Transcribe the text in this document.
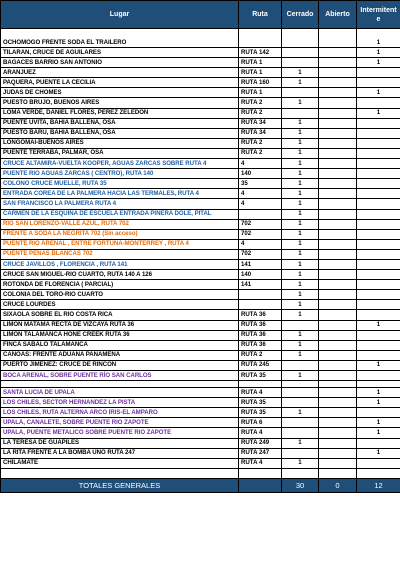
Lugar	Ruta	Cerrado	Abierto	Intermitente
OCHOMOGO FRENTE SODA EL TRAILERO				1
TILARAN, CRUCE DE AGUILARES	RUTA 142			1
BAGACES BARRIO SAN ANTONIO	RUTA 1			1
ARANJUEZ	RUTA 1	1		
PAQUERA, PUENTE LA CECILIA	RUTA 160	1		
JUDAS DE CHOMES	RUTA 1			1
PUESTO BRUJO, BUENOS AIRES	RUTA 2	1		
LOMA VERDE, DANIEL FLORES, PEREZ ZELEDON	RUTA 2			1
PUENTE UVITA, BAHIA BALLENA, OSA	RUTA 34	1		
PUESTO BARU, BAHIA BALLENA, OSA	RUTA 34	1		
LONGOMAI-BUENOS AIRES	RUTA 2	1		
PUENTE TERRABA, PALMAR, OSA	RUTA 2	1		
CRUCE ALTAMIRA-VUELTA KOOPER, AGUAS ZARCAS SOBRE RUTA 4	4	1		
PUENTE RIO AGUAS ZARCAS ( CENTRO), RUTA 140	140	1		
COLONO CRUCE MUELLE, RUTA 35	35	1		
ENTRADA COREA DE LA PALMERA HACIA LAS TERMALES, RUTA 4	4	1		
SAN FRANCISCO LA PALMERA RUTA 4	4	1		
CARMEN DE LA ESQUINA DE ESCUELA ENTRADA PIÑERA DOLE, PITAL		1		
RIO SAN LORENZO-VALLE AZUL, RUTA 702	702	1		
FRENTE A SODA LA NEGRITA 702 (Sin acceso)	702	1		
PUENTE RIO ARENAL , ENTRE FORTUNA-MONTERREY , RUTA 4	4	1		
PUENTE PEÑAS BLANCAS 702	702	1		
CRUCE JAVILLOS , FLORENCIA , RUTA 141	141	1		
CRUCE SAN MIGUEL-RIO CUARTO, RUTA 140 A 126	140	1		
ROTONDA DE FLORENCIA ( PARCIAL)	141	1		
COLONIA DEL TORO-RIO CUARTO		1		
CRUCE LOURDES		1		
SIXAOLA SOBRE EL RIO COSTA RICA	RUTA 36	1		
LIMON MATAMA RECTA DE VIZCAYA RUTA 36	RUTA 36			1
LIMON TALAMANCA HONE CREEK RUTA 36	RUTA 36	1		
FINCA SABALO TALAMANCA	RUTA 36	1		
CANOAS: FRENTE ADUANA PANAMEÑA	RUTA 2	1		
PUERTO JIMENEZ: CRUCE DE RINCON	RUTA 245			1
BOCA ARENAL, SOBRE PUENTE RÍO SAN CARLOS	RUTA 35	1		

SANTA LUCIA DE UPALA	RUTA 4			1
LOS CHILES, SECTOR HERNANDEZ LA PISTA	RUTA 35			1
LOS CHILES, RUTA ALTERNA ARCO IRIS-EL AMPARO	RUTA 35	1		
UPALA, CANALETE, SOBRE PUENTE RIO ZAPOTE	RUTA 6			1
UPALA, PUENTE METALICO SOBRE PUENTE RIO ZAPOTE	RUTA 4			1
LA TERESA DE GUAPILES	RUTA 249	1		
LA RITA FRENTE A LA BOMBA UNO RUTA 247	RUTA 247			1
CHILAMATE	RUTA 4	1		

TOTALES GENERALES		30	0	12
